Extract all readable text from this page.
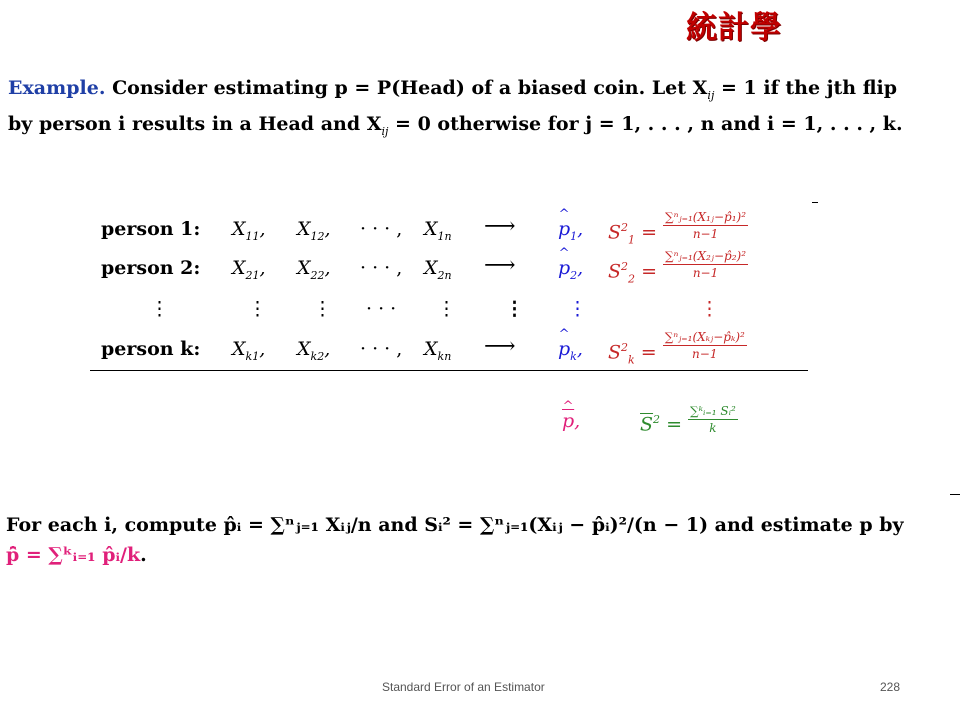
統計學
Example. Consider estimating p = P(Head) of a biased coin. Let $X_{ij} = 1$ if the jth flip
by person i results in a Head and $X_{ij} = 0$ otherwise for j = 1, . . . , n and i = 1, . . . , k.
person 1: $X_{11}$, $X_{12}$, · · · , $X_{1n}$ ⟶ ^ $p_1$, $S^2_1 = \frac{\text{∑ⁿⱼ₌₁(X₁ⱼ−p̂₁)²}}{n-1}$
person 2: $X_{21}$, $X_{22}$, · · · , $X_{2n}$ ⟶ ^ $p_2$, $S^2_2 = \frac{\text{∑ⁿⱼ₌₁(X₂ⱼ−p̂₂)²}}{n-1}$
⋮	⋮ ⋮ · · · ⋮	⋮ ⋮	⋮
person k: $X_{k1}$, $X_{k2}$, · · · , $X_{kn}$ ⟶ ^ $p_k$, $S^2_k = \frac{\text{∑ⁿⱼ₌₁(Xₖⱼ−p̂ₖ)²}}{n-1}$
^ $\overline{p}$,	$\overline{S}^2 = \frac{\text{∑ᵏᵢ₌₁ Sᵢ²}}{k}$
For each i, compute p̂ᵢ = ∑ⁿⱼ₌₁ Xᵢⱼ/n and Sᵢ² = ∑ⁿⱼ₌₁(Xᵢⱼ − p̂ᵢ)²/(n − 1) and estimate p by
p̄̂ = ∑ᵏᵢ₌₁ p̂ᵢ/k.
Standard Error of an Estimator	228
